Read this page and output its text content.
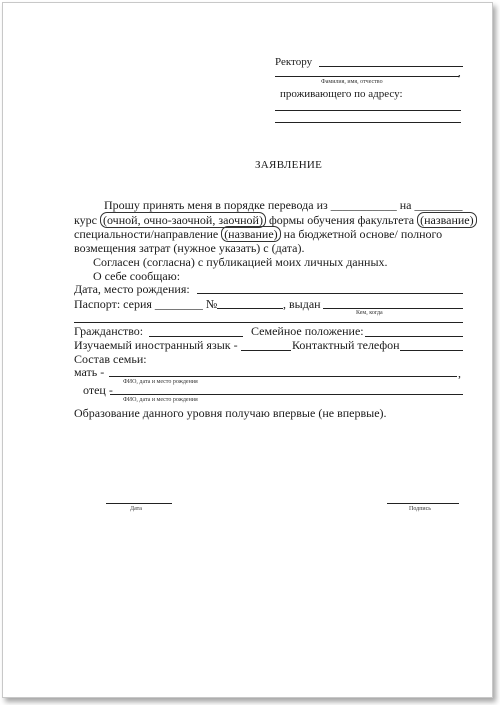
Ректору
,
Фамилия, имя, отчество
проживающего по адресу:
ЗАЯВЛЕНИЕ
Прошу принять меня в порядке перевода из ___________ на ________
курс (очной, очно-заочной, заочной) формы обучения факультета (название)
специальности/направление (название) на бюджетной основе/ полного
возмещения затрат (нужное указать) с (дата).
Согласен (согласна) с публикацией моих личных данных.
О себе сообщаю:
Дата, место рождения:
Паспорт: серия ________ №	, выдан
Кем, когда
Гражданство:	Семейное положение:
Изучаемый иностранный язык -	Контактный телефон
Состав семьи:
мать -	,
ФИО, дата и место рождения
отец -
ФИО, дата и место рождения
Образование данного уровня получаю впервые (не впервые).
Дата	Подпись
